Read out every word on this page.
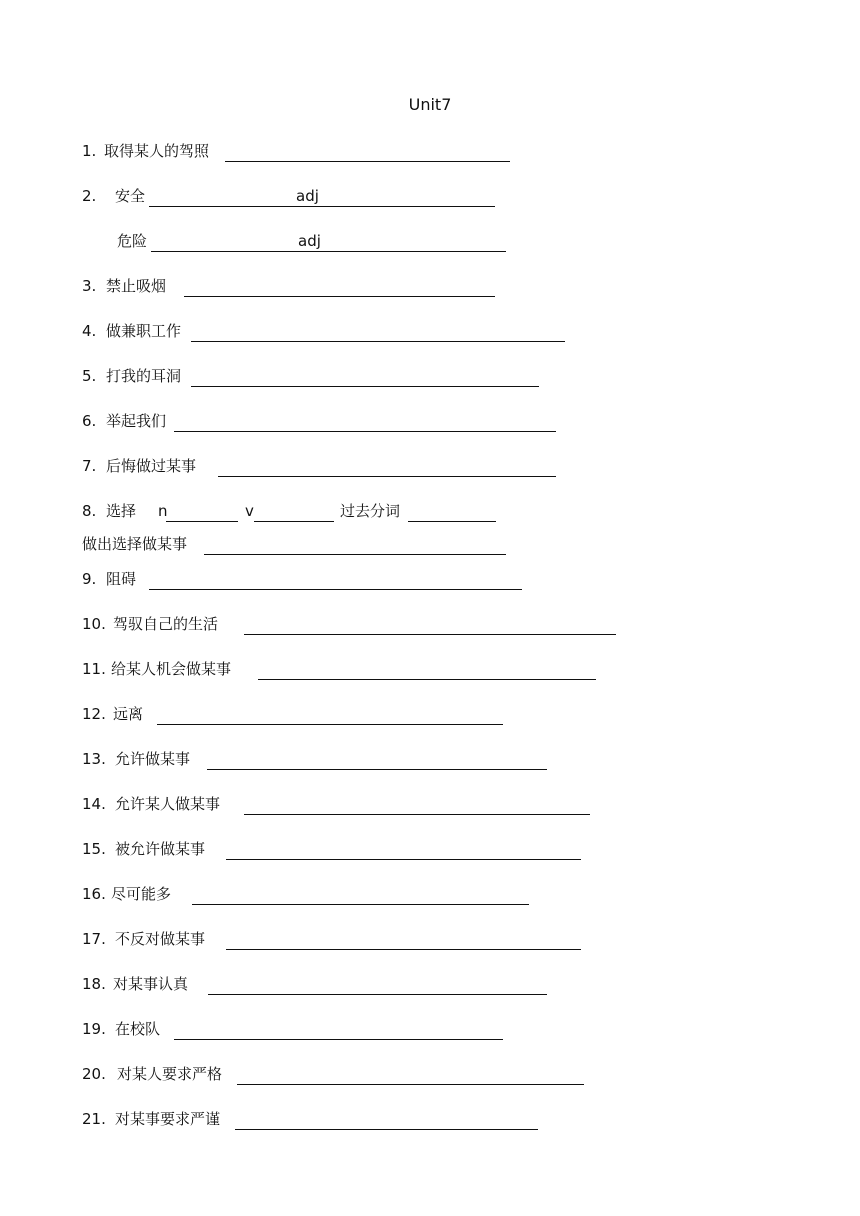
Unit7
1. 取得某人的驾照
2. 安全	adj
危险	adj
3. 禁止吸烟
4. 做兼职工作
5. 打我的耳洞
6. 举起我们
7. 后悔做过某事
8. 选择 n	v	过去分词
做出选择做某事
9. 阻碍
10. 驾驭自己的生活
11. 给某人机会做某事
12. 远离
13. 允许做某事
14. 允许某人做某事
15. 被允许做某事
16. 尽可能多
17. 不反对做某事
18. 对某事认真
19. 在校队
20. 对某人要求严格
21. 对某事要求严谨
